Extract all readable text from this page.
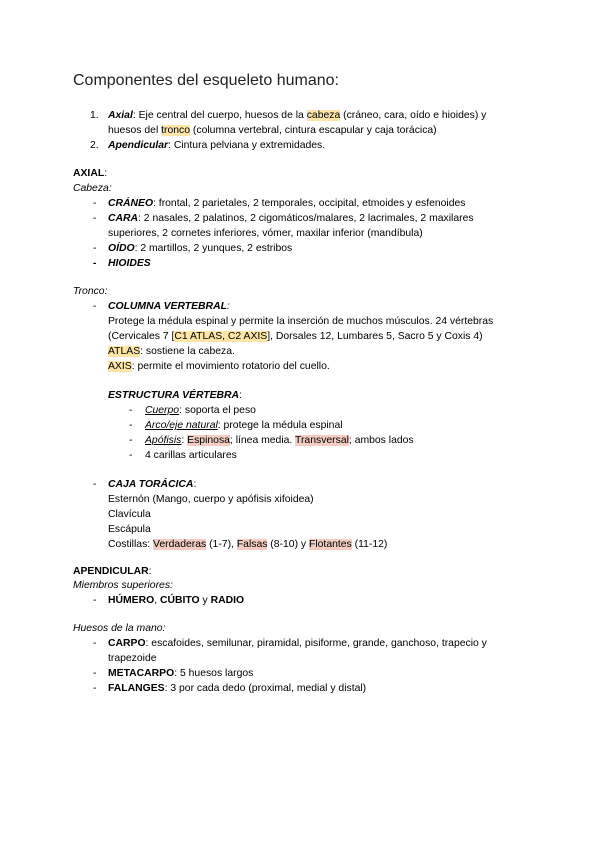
Componentes del esqueleto humano:
1. Axial: Eje central del cuerpo, huesos de la cabeza (cráneo, cara, oído e hioides) y
huesos del tronco (columna vertebral, cintura escapular y caja torácica)
2. Apendicular: Cintura pelviana y extremidades.
AXIAL:
Cabeza:
- CRÁNEO: frontal, 2 parietales, 2 temporales, occipital, etmoides y esfenoides
- CARA: 2 nasales, 2 palatinos, 2 cigomáticos/malares, 2 lacrimales, 2 maxilares
superiores, 2 cornetes inferiores, vómer, maxilar inferior (mandíbula)
- OÍDO: 2 martillos, 2 yunques, 2 estribos
- HIOIDES
Tronco:
- COLUMNA VERTEBRAL:
Protege la médula espinal y permite la inserción de muchos músculos. 24 vértebras
(Cervicales 7 [C1 ATLAS, C2 AXIS], Dorsales 12, Lumbares 5, Sacro 5 y Coxis 4)
ATLAS: sostiene la cabeza.
AXIS: permite el movimiento rotatorio del cuello.
ESTRUCTURA VÉRTEBRA:
- Cuerpo: soporta el peso
- Arco/eje natural: protege la médula espinal
- Apófisis: Espinosa; línea media. Transversal; ambos lados
- 4 carillas articulares
- CAJA TORÁCICA:
Esternón (Mango, cuerpo y apófisis xifoidea)
Clavícula
Escápula
Costillas: Verdaderas (1-7), Falsas (8-10) y Flotantes (11-12)
APENDICULAR:
Miembros superiores:
- HÚMERO, CÚBITO y RADIO
Huesos de la mano:
- CARPO: escafoides, semilunar, piramidal, pisiforme, grande, ganchoso, trapecio y
trapezoide
- METACARPO: 5 huesos largos
- FALANGES: 3 por cada dedo (proximal, medial y distal)
